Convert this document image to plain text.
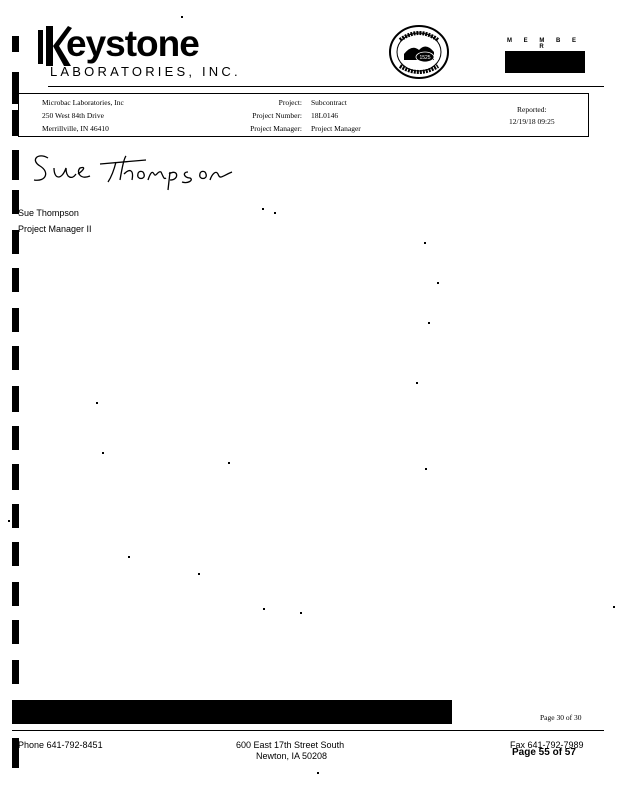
eystone
LABORATORIES, INC.
1525
M E M B E R
Microbac Laboratories, Inc
250 West 84th Drive
Merrillville, IN 46410
Project:
Project Number:
Project Manager:
Subcontract
18L0146
Project Manager
Reported:
12/19/18 09:25
Sue Thompson
Project Manager II
Page 30 of 30
Phone 641-792-8451	600 East 17th Street South
Newton, IA 50208
Fax 641-792-7989
Page 55 of 57
